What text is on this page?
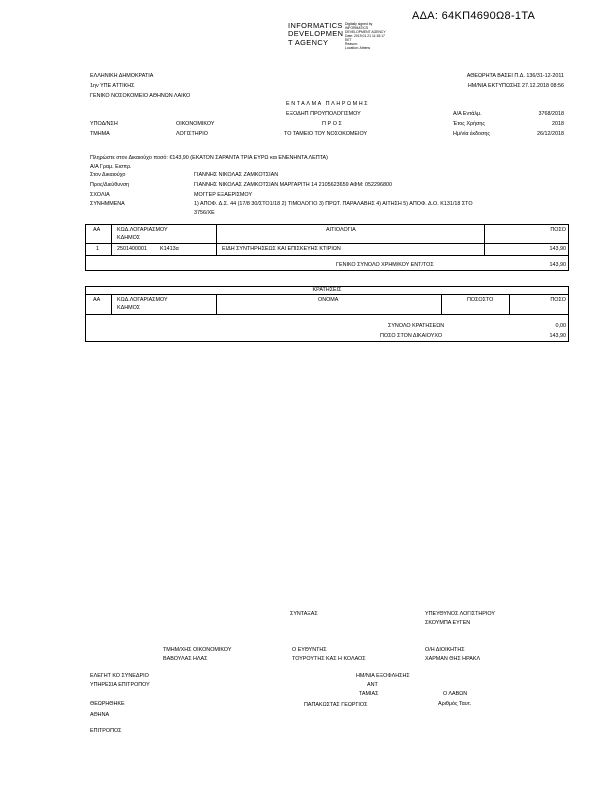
ΑΔΑ: 64ΚΠ4690Ω8-1ΤΑ
INFORMATICS
DEVELOPMEN
T AGENCY
Digitally signed by
INFORMATICS
DEVELOPMENT AGENCY
Date: 2019.01.21 11:18:17
EET
Reason:
Location: Athens
ΕΛΛΗΝΙΚΗ ΔΗΜΟΚΡΑΤΙΑ
1ην ΥΠΕ ΑΤΤΙΚΗΣ
ΓΕΝΙΚΟ ΝΟΣΟΚΟΜΕΙΟ ΑΘΗΝΩΝ ΛΑΙΚΟ
ΑΘΕΩΡΗΤΑ ΒΑΣΕΙ Π.Δ. 136/31-12-2011
ΗΜ/ΝΙΑ ΕΚΤΥΠΩΣΗΣ 27.12.2018 08:56
ΕΝΤΑΛΜΑ ΠΛΗΡΩΜΗΣ
ΕΞΟΔΗΠ ΠΡΟΥΠΟΛΟΓΙΣΜΟΥ
ΥΠΟΔ/ΝΣΗ	ΟΙΚΟΝΟΜΙΚΟΥ	ΠΡΟΣ
ΤΜΗΜΑ	ΛΟΓΙΣΤΗΡΙΟ	ΤΟ ΤΑΜΕΙΟ ΤΟΥ ΝΟΣΟΚΟΜΕΙΟΥ
Α/Α Εντάλμ.	3768/2018
Έτος Χρήσης	2018
Ημ/νία έκδοσης	26/12/2018
Πληρώστε στον Δικαιούχο ποσό: €143,90 (ΕΚΑΤΟΝ ΣΑΡΑΝΤΑ ΤΡΙΑ ΕΥΡΩ και ΕΝΕΝΗΝΤΑ ΛΕΠΤΑ)
Α/Α Γραμ. Εισπρ.
Στον Δικαιούχο	ΓΙΑΝΝΗΣ ΝΙΚΟΛΑΣ ΖΑΜΚΟΤΣΙΑΝ
Προς/Διεύθυνση	ΓΙΑΝΝΗΣ ΝΙΚΟΛΑΣ ΖΑΜΚΟΤΣΙΑΝ ΜΑΡΓΑΡΙΤΗ 14 2105623659 ΑΦΜ: 052296800
ΣΧΟΛΙΑ	ΜΟΓΓΕΡ ΕΞΑΕΡΙΣΜΟΥ
ΣΥΝΗΜΜΕΝΑ	1) ΑΠΟΦ. Δ.Σ. 44 (17/8 30/ΣΤΟ1/18 2) ΤΙΜΟΛΟΓΙΟ 3) ΠΡΩΤ. ΠΑΡΑΛΑΒΗΣ 4) ΑΙΤΗΣΗ 5) ΑΠΟΦ. Δ.Ο. Κ131/18 ΣΤΟ
3756/ΧΕ
ΑΑ	ΚΩΔ.ΛΟΓΑΡΙΑΣΜΟΥ
ΚΔΗΜΟΣ
ΑΙΤΙΟΛΟΓΙΑ	ΠΟΣΟ
1	2501400001 Κ1413α	ΕΙΔΗ ΣΥΝΤΗΡΗΣΕΩΣ ΚΑΙ ΕΠΙΣΚΕΥΗΣ ΚΤΙΡΙΩΝ	143,90
ΓΕΝΙΚΟ ΣΥΝΟΛΟ ΧΡΗΜ/ΚΟΥ ΕΝΤ/ΤΟΣ	143,90
ΚΡΑΤΗΣΕΙΣ
ΑΑ	ΚΩΔ.ΛΟΓΑΡΙΑΣΜΟΥ
ΚΔΗΜΟΣ
ΟΝΟΜΑ	ΠΟΣΟΣΤΟ	ΠΟΣΟ
ΣΥΝΟΛΟ ΚΡΑΤΗΣΕΩΝ	0,00
ΠΟΣΟ ΣΤΟΝ ΔΙΚΑΙΟΥΧΟ	143,90
ΣΥΝΤΑΞΑΣ	ΥΠΕΥΘΥΝΟΣ ΛΟΓΙΣΤΗΡΙΟΥ
ΣΚΟΥΜΠΑ ΕΥΓΕΝ
ΤΜΗΜ/ΧΗΣ ΟΙΚΟΝΟΜΙΚΟΥ
ΒΑΒΟΥΛΑΣ ΗΛΑΣ
Ο ΕΥΘΥΝΤΗΣ
ΤΟΥΡΟΥΤΗΣ ΚΑΣ Η ΚΟΛΑΟΣ
Ο/Η ΔΙΟΙΚΗΤΗΣ
ΧΑΡΜΑΝ ΘΗΣ ΗΡΑΚΛ
ΕΛΕΓΗΤ ΚΟ ΣΥΝΕΔΡΙΟ
ΥΠΗΡΕΣΙΑ ΕΠΙΤΡΟΠΟΥ
ΗΜ/ΝΙΑ ΕΞΟΦΛΗΣΗΣ
ΑΝΤ
ΤΑΜΙΑΣ
ΠΑΠΑΚΩΣΤΑΣ ΓΕΩΡΓΙΟΣ
Ο ΛΑΒΩΝ
Αριθμός Ταυτ.
ΘΕΩΡΗΘΗΚΕ
ΑΘΗΝΑ
ΕΠΙΤΡΟΠΟΣ
